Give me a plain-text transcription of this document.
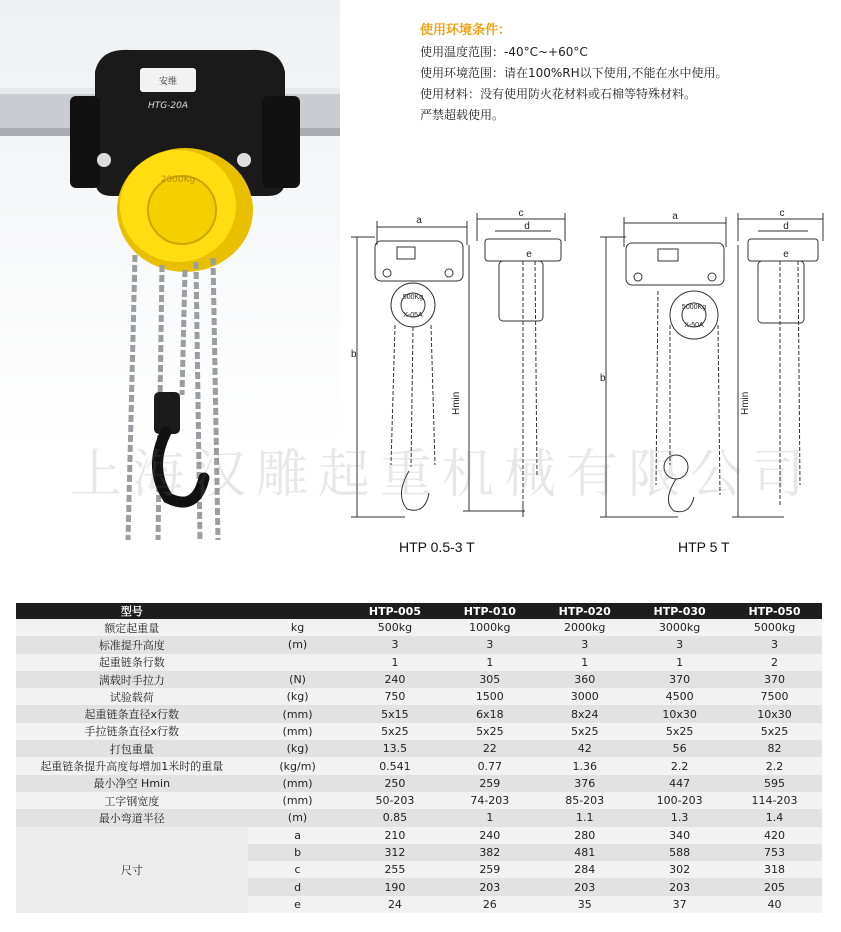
安维
HTG-20A
2000Kg
使用环境条件：
使用温度范围：-40°C~+60°C
使用环境范围：请在100%RH以下使用,不能在水中使用。
使用材料：没有使用防火花材料或石棉等特殊材料。
严禁超载使用。
a
b
c
d
e
Hmin
500Kg
X-05A
HTP 0.5-3 T
a
b
c
d
e
Hmin
5000Kg
X-50A
HTP 5 T
上海汉雕起重机械有限公司
型号		HTP-005	HTP-010	HTP-020	HTP-030	HTP-050
额定起重量	kg	500kg	1000kg	2000kg	3000kg	5000kg
标准提升高度	(m)	3	3	3	3	3
起重链条行数		1	1	1	1	2
满载时手拉力	(N)	240	305	360	370	370
试验载荷	(kg)	750	1500	3000	4500	7500
起重链条直径x行数	(mm)	5x15	6x18	8x24	10x30	10x30
手拉链条直径x行数	(mm)	5x25	5x25	5x25	5x25	5x25
打包重量	(kg)	13.5	22	42	56	82
起重链条提升高度每增加1米时的重量	(kg/m)	0.541	0.77	1.36	2.2	2.2
最小净空 Hmin	(mm)	250	259	376	447	595
工字钢宽度	(mm)	50-203	74-203	85-203	100-203	114-203
最小弯道半径	(m)	0.85	1	1.1	1.3	1.4
尺寸	a	210	240	280	340	420
	b	312	382	481	588	753
	c	255	259	284	302	318
	d	190	203	203	203	205
	e	24	26	35	37	40
